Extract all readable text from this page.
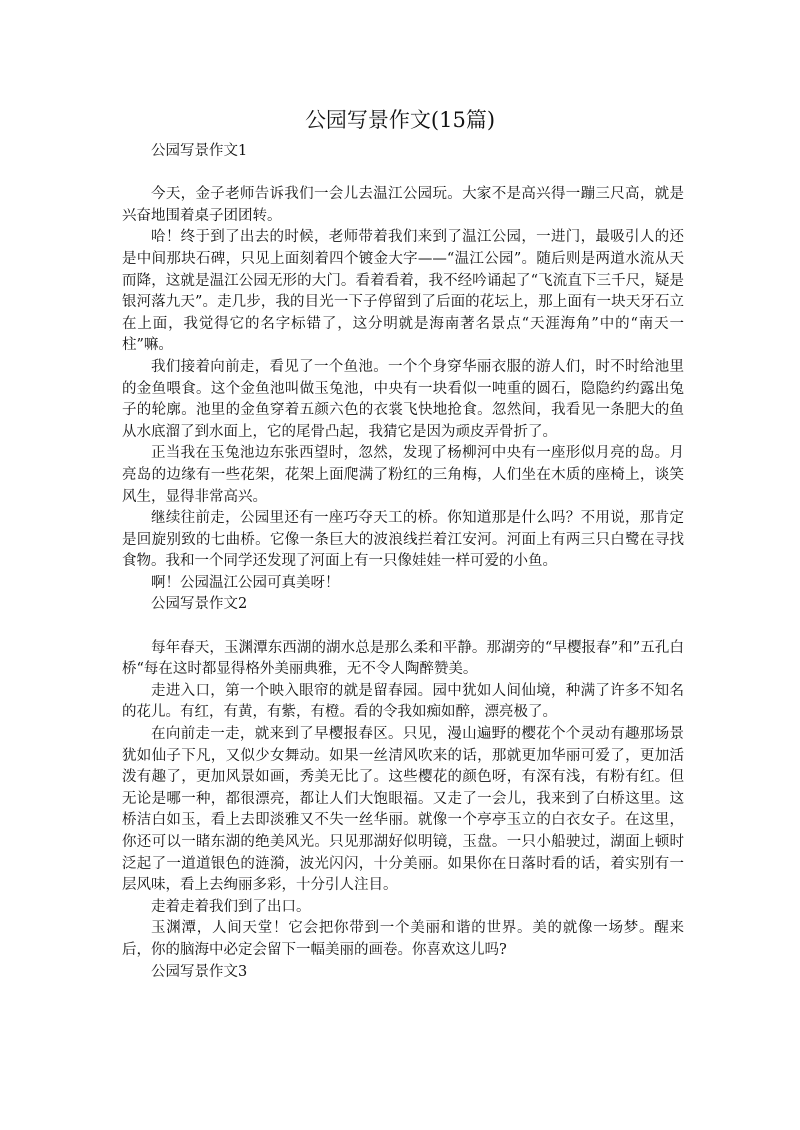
公园写景作文(15篇)

公园写景作文1

今天，金子老师告诉我们一会儿去温江公园玩。大家不是高兴得一蹦三尺高，就是兴奋地围着桌子团团转。

哈！终于到了出去的时候，老师带着我们来到了温江公园，一进门，最吸引人的还是中间那块石碑，只见上面刻着四个镀金大字——“温江公园”。随后则是两道水流从天而降，这就是温江公园无形的大门。看着看着，我不经吟诵起了“飞流直下三千尺，疑是银河落九天”。走几步，我的目光一下子停留到了后面的花坛上，那上面有一块天牙石立在上面，我觉得它的名字标错了，这分明就是海南著名景点“天涯海角”中的“南天一柱”嘛。

我们接着向前走，看见了一个鱼池。一个个身穿华丽衣服的游人们，时不时给池里的金鱼喂食。这个金鱼池叫做玉兔池，中央有一块看似一吨重的圆石，隐隐约约露出兔子的轮廓。池里的金鱼穿着五颜六色的衣裳飞快地抢食。忽然间，我看见一条肥大的鱼从水底溜了到水面上，它的尾骨凸起，我猜它是因为顽皮弄骨折了。

正当我在玉兔池边东张西望时，忽然，发现了杨柳河中央有一座形似月亮的岛。月亮岛的边缘有一些花架，花架上面爬满了粉红的三角梅，人们坐在木质的座椅上，谈笑风生，显得非常高兴。

继续往前走，公园里还有一座巧夺天工的桥。你知道那是什么吗？不用说，那肯定是回旋别致的七曲桥。它像一条巨大的波浪线拦着江安河。河面上有两三只白鹭在寻找食物。我和一个同学还发现了河面上有一只像娃娃一样可爱的小鱼。

啊！公园温江公园可真美呀！

公园写景作文2

每年春天，玉渊潭东西湖的湖水总是那么柔和平静。那湖旁的“早樱报春”和”五孔白桥“每在这时都显得格外美丽典雅，无不令人陶醉赞美。

走进入口，第一个映入眼帘的就是留春园。园中犹如人间仙境，种满了许多不知名的花儿。有红，有黄，有紫，有橙。看的令我如痴如醉，漂亮极了。

在向前走一走，就来到了早樱报春区。只见，漫山遍野的樱花个个灵动有趣那场景犹如仙子下凡，又似少女舞动。如果一丝清风吹来的话，那就更加华丽可爱了，更加活泼有趣了，更加风景如画，秀美无比了。这些樱花的颜色呀，有深有浅，有粉有红。但无论是哪一种，都很漂亮，都让人们大饱眼福。又走了一会儿，我来到了白桥这里。这桥洁白如玉，看上去即淡雅又不失一丝华丽。就像一个亭亭玉立的白衣女子。在这里，你还可以一睹东湖的绝美风光。只见那湖好似明镜，玉盘。一只小船驶过，湖面上顿时泛起了一道道银色的涟漪，波光闪闪，十分美丽。如果你在日落时看的话，着实别有一层风味，看上去绚丽多彩，十分引人注目。

走着走着我们到了出口。

玉渊潭，人间天堂！它会把你带到一个美丽和谐的世界。美的就像一场梦。醒来后，你的脑海中必定会留下一幅美丽的画卷。你喜欢这儿吗?

公园写景作文3
